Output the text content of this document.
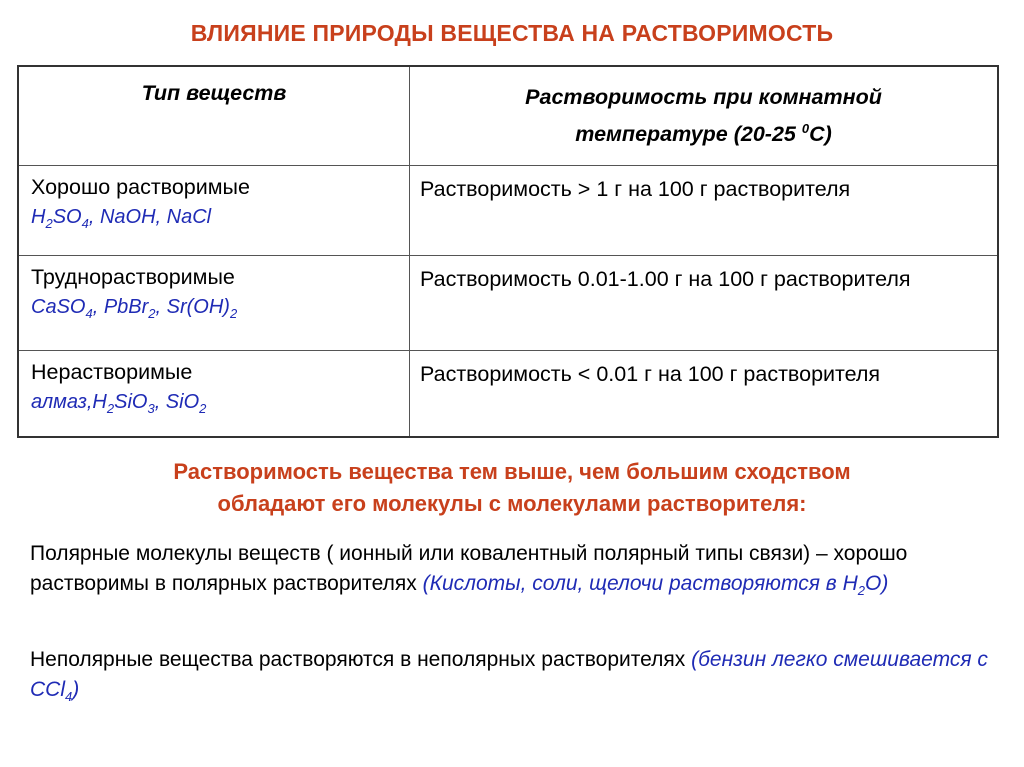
ВЛИЯНИЕ ПРИРОДЫ ВЕЩЕСТВА НА РАСТВОРИМОСТЬ
Тип веществ	Растворимость при комнатной
температуре (20-25 $^0$С)

Хорошо растворимые
$H_2SO_4$, NaOH, NaCl	Растворимость > 1 г на 100 г растворителя

Труднорастворимые
CaSO$_4$, PbBr$_2$, $Sr(OH)_2$	Растворимость 0.01-1.00 г на 100 г растворителя

Нерастворимые
$алмаз,H_2SiO_3$, SiO$_2$	Растворимость < 0.01 г на 100 г растворителя
Растворимость вещества тем выше, чем большим сходством
обладают его молекулы с молекулами растворителя:
Полярные молекулы веществ ( ионный или ковалентный полярный типы связи) – хорошо растворимы в полярных растворителях (Кислоты, соли, щелочи растворяются в $H_2O$)
Неполярные вещества растворяются в неполярных растворителях (бензин легко смешивается с CCl$_4$)
